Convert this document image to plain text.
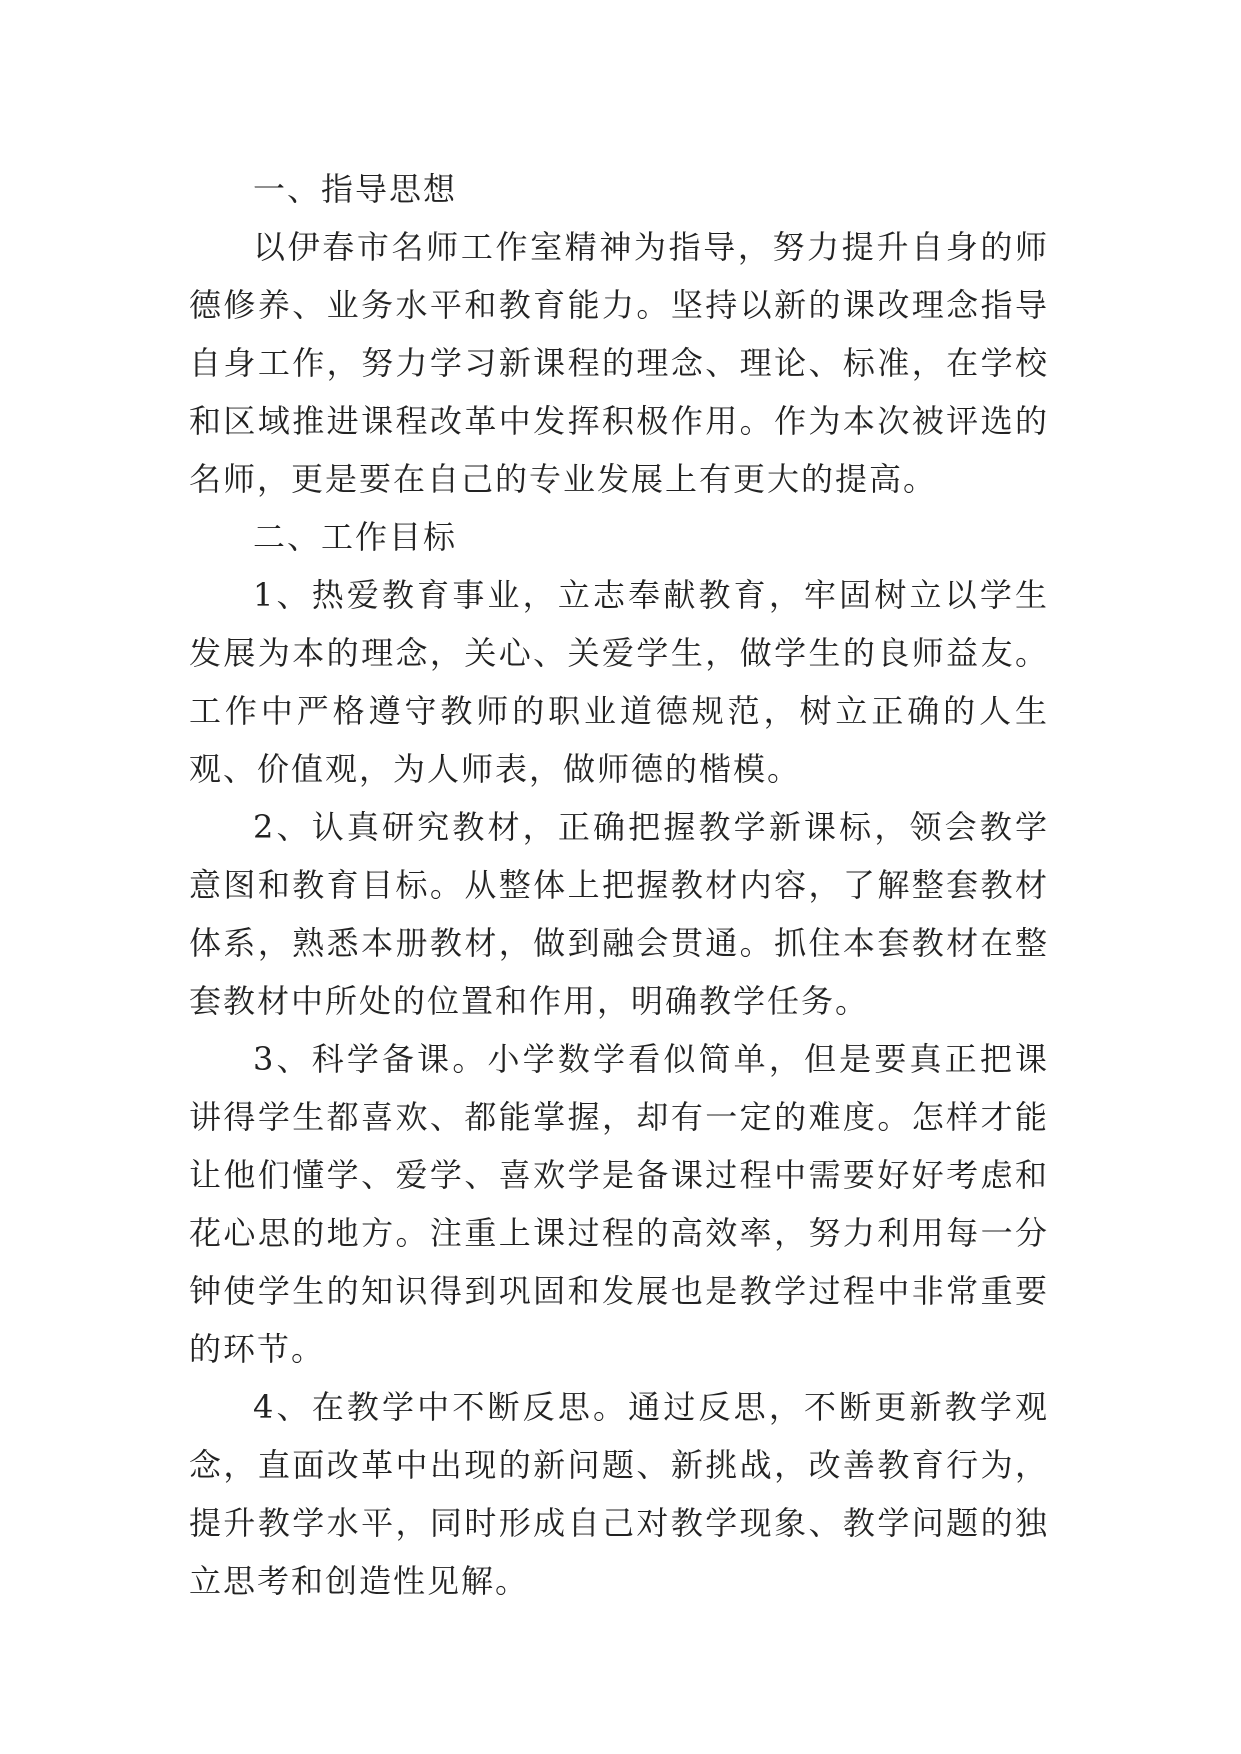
一、指导思想

以伊春市名师工作室精神为指导，努力提升自身的师德修养、业务水平和教育能力。坚持以新的课改理念指导自身工作，努力学习新课程的理念、理论、标准，在学校和区域推进课程改革中发挥积极作用。作为本次被评选的名师，更是要在自己的专业发展上有更大的提高。

二、工作目标

1、热爱教育事业，立志奉献教育，牢固树立以学生发展为本的理念，关心、关爱学生，做学生的良师益友。工作中严格遵守教师的职业道德规范，树立正确的人生观、价值观，为人师表，做师德的楷模。

2、认真研究教材，正确把握教学新课标，领会教学意图和教育目标。从整体上把握教材内容，了解整套教材体系，熟悉本册教材，做到融会贯通。抓住本套教材在整套教材中所处的位置和作用，明确教学任务。

3、科学备课。小学数学看似简单，但是要真正把课讲得学生都喜欢、都能掌握，却有一定的难度。怎样才能让他们懂学、爱学、喜欢学是备课过程中需要好好考虑和花心思的地方。注重上课过程的高效率，努力利用每一分钟使学生的知识得到巩固和发展也是教学过程中非常重要的环节。

4、在教学中不断反思。通过反思，不断更新教学观念，直面改革中出现的新问题、新挑战，改善教育行为，提升教学水平，同时形成自己对教学现象、教学问题的独立思考和创造性见解。
